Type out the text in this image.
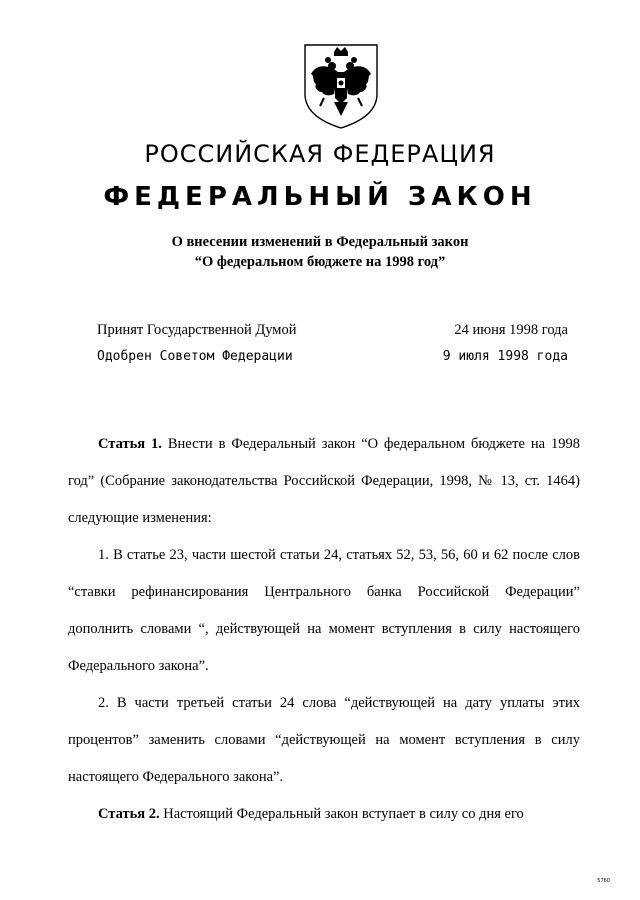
РОССИЙСКАЯ ФЕДЕРАЦИЯ
ФЕДЕРАЛЬНЫЙ ЗАКОН
О внесении изменений в Федеральный закон
“О федеральном бюджете на 1998 год”
Принят Государственной Думой	24 июня 1998 года
Одобрен Советом Федерации	9 июля 1998 года

Статья 1. Внести в Федеральный закон “О федеральном бюджете на 1998 год” (Собрание законодательства Российской Федерации, 1998, № 13, ст. 1464) следующие изменения:

1. В статье 23, части шестой статьи 24, статьях 52, 53, 56, 60 и 62 после слов “ставки рефинансирования Центрального банка Российской Федерации” дополнить словами “, действующей на момент вступления в силу настоящего Федерального закона”.

2. В части третьей статьи 24 слова “действующей на дату уплаты этих процентов” заменить словами “действующей на момент вступления в силу настоящего Федерального закона”.

Статья 2. Настоящий Федеральный закон вступает в силу со дня его

5760
